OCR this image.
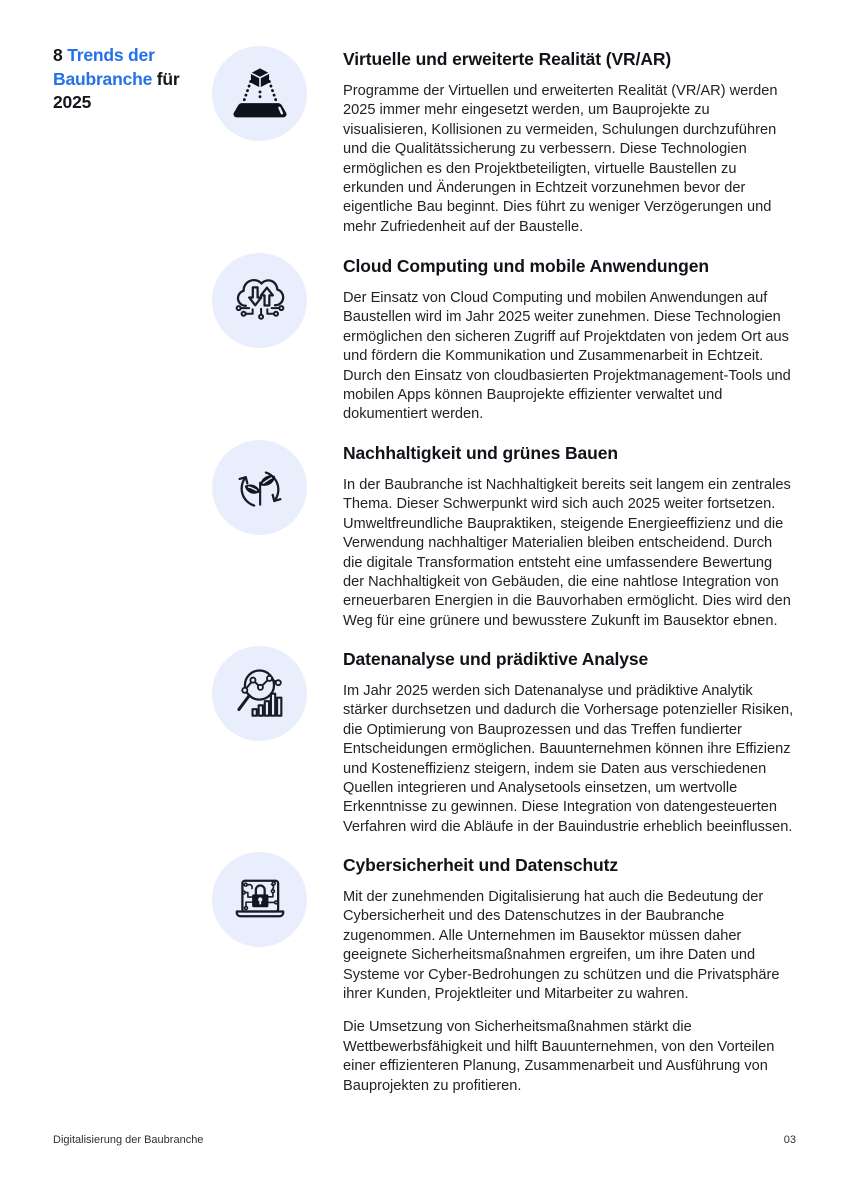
8 Trends der Baubranche für 2025
Virtuelle und erweiterte Realität (VR/AR)

Programme der Virtuellen und erweiterten Realität (VR/AR) werden 2025 immer mehr eingesetzt werden, um Bauprojekte zu visualisieren, Kollisionen zu vermeiden, Schulungen durchzuführen und die Qualitätssicherung zu verbessern. Diese Technologien ermöglichen es den Projektbeteiligten, virtuelle Baustellen zu erkunden und Änderungen in Echtzeit vorzunehmen bevor der eigentliche Bau beginnt. Dies führt zu weniger Verzögerungen und mehr Zufriedenheit auf der Baustelle.

Cloud Computing und mobile Anwendungen

Der Einsatz von Cloud Computing und mobilen Anwendungen auf Baustellen wird im Jahr 2025 weiter zunehmen. Diese Technologien ermöglichen den sicheren Zugriff auf Projektdaten von jedem Ort aus und fördern die Kommunikation und Zusammenarbeit in Echtzeit. Durch den Einsatz von cloudbasierten Projektmanagement-Tools und mobilen Apps können Bauprojekte effizienter verwaltet und dokumentiert werden.

Nachhaltigkeit und grünes Bauen

In der Baubranche ist Nachhaltigkeit bereits seit langem ein zentrales Thema. Dieser Schwerpunkt wird sich auch 2025 weiter fortsetzen. Umweltfreundliche Baupraktiken, steigende Energieeffizienz und die Verwendung nachhaltiger Materialien bleiben entscheidend. Durch die digitale Transformation entsteht eine umfassendere Bewertung der Nachhaltigkeit von Gebäuden, die eine nahtlose Integration von erneuerbaren Energien in die Bauvorhaben ermöglicht. Dies wird den Weg für eine grünere und bewusstere Zukunft im Bausektor ebnen.

Datenanalyse und prädiktive Analyse

Im Jahr 2025 werden sich Datenanalyse und prädiktive Analytik stärker durchsetzen und dadurch die Vorhersage potenzieller Risiken, die Optimierung von Bauprozessen und das Treffen fundierter Entscheidungen ermöglichen. Bauunternehmen können ihre Effizienz und Kosteneffizienz steigern, indem sie Daten aus verschiedenen Quellen integrieren und Analysetools einsetzen, um wertvolle Erkenntnisse zu gewinnen. Diese Integration von datengesteuerten Verfahren wird die Abläufe in der Bauindustrie erheblich beeinflussen.

Cybersicherheit und Datenschutz

Mit der zunehmenden Digitalisierung hat auch die Bedeutung der Cybersicherheit und des Datenschutzes in der Baubranche zugenommen. Alle Unternehmen im Bausektor müssen daher geeignete Sicherheitsmaßnahmen ergreifen, um ihre Daten und Systeme vor Cyber-Bedrohungen zu schützen und die Privatsphäre ihrer Kunden, Projektleiter und Mitarbeiter zu wahren.

Die Umsetzung von Sicherheitsmaßnahmen stärkt die Wettbewerbsfähigkeit und hilft Bauunternehmen, von den Vorteilen einer effizienteren Planung, Zusammenarbeit und Ausführung von Bauprojekten zu profitieren.

Digitalisierung der Baubranche	03
